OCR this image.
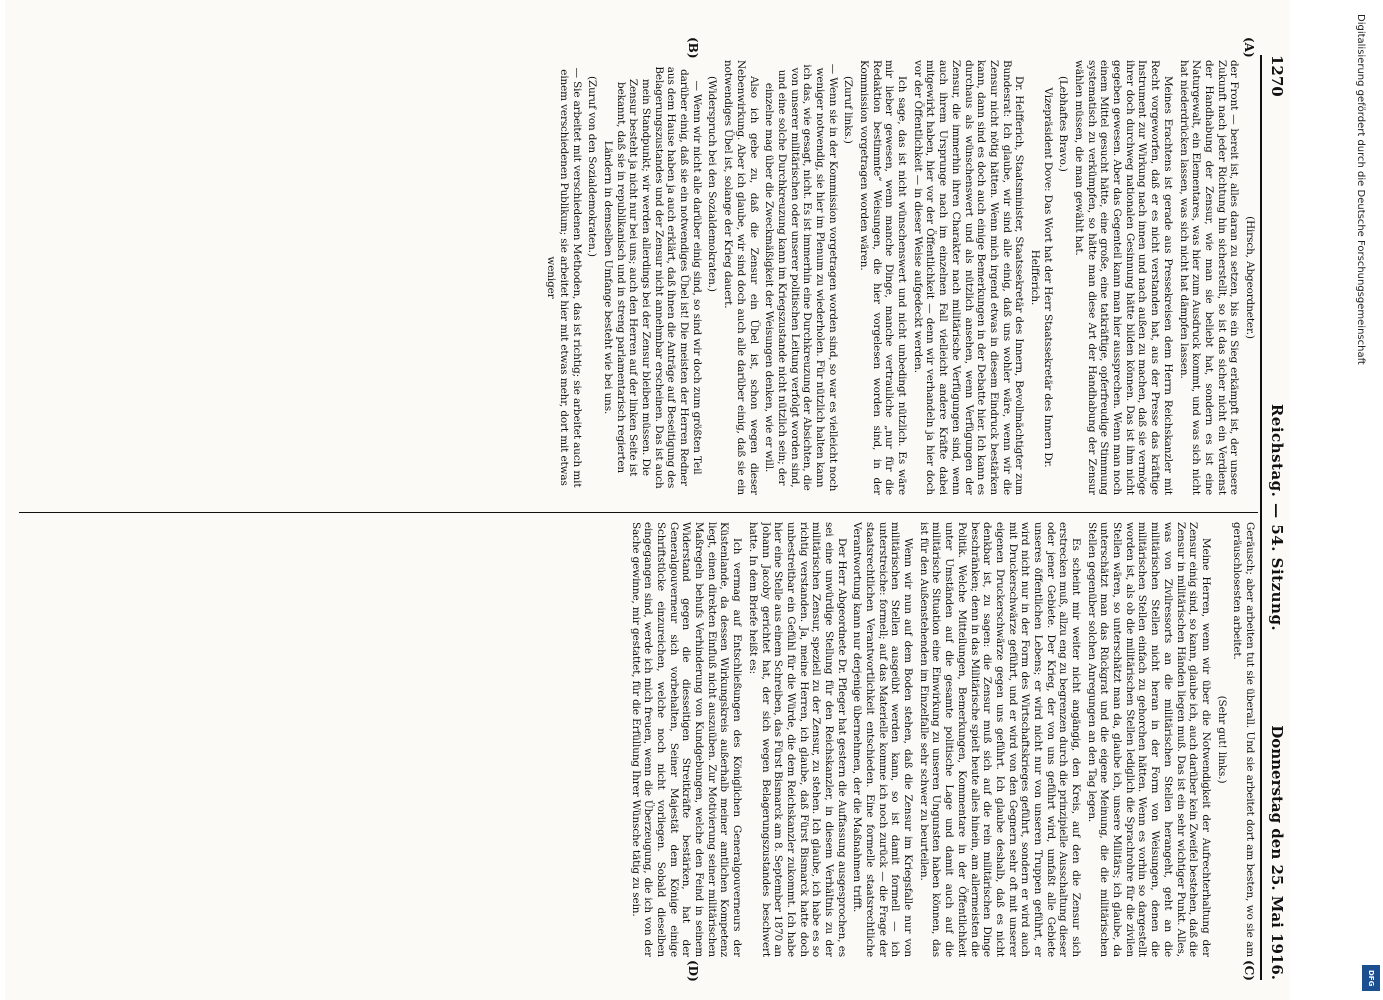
1270
Reichstag. — 54. Sitzung.
Donnerstag den 25. Mai 1916.
(A)
(B)
(C)
(D)

(Hirsch, Abgeordneter.)

der Front — bereit ist, alles daran zu setzen, bis ein Sieg erkämpft ist, der unsere Zukunft nach jeder Richtung hin sicherstellt, so ist das sicher nicht ein Verdienst der Handhabung der Zensur, wie man sie beliebt hat, sondern es ist eine Naturgewalt, ein Elementares, was hier zum Ausdruck kommt, und was sich nicht hat niederdrücken lassen, was sich nicht hat dämpfen lassen.

Meines Erachtens ist gerade aus Pressekreisen dem Herrn Reichskanzler mit Recht vorgeworfen, daß er es nicht verstanden hat, aus der Presse das kräftige Instrument zur Wirkung nach innen und nach außen zu machen, daß sie vermöge ihrer doch durchweg nationalen Gesinnung hätte bilden können. Das ist ihm nicht gegeben gewesen. Aber das Gegenteil kann man hier aussprechen. Wenn man noch einem Mittel gesucht hätte, eine große, eine tatkräftige, opferfreudige Stimmung systematisch zu verkümpfen, so hätte man diese Art der Handhabung der Zensur wählen müssen, die man gewählt hat.

(Lebhaftes Bravo.)

Vizepräsident Dove: Das Wort hat der Herr Staatssekretär des Innern Dr. Helfferich.

Dr. Helfferich, Staatsminister, Staatssekretär des Innern, Bevollmächtigter zum Bundesrat: Ich glaube, wir sind alle einig, daß uns wohler wäre, wenn wir die Zensur nicht nötig hätten. Wenn mich irgend etwas in diesem Eindruck bestärken kann, dann sind es doch auch einige Bemerkungen in der Debatte hier. Ich kann es durchaus als wünschenswert und als nützlich ansehen, wenn Verfügungen der Zensur, die immerhin ihren Charakter nach militärische Verfügungen sind, wenn auch ihrem Ursprunge nach im einzelnen Fall vielleicht andere Kräfte dabei mitgewirkt haben, hier vor der Öffentlichkeit — denn wir verhandeln ja hier doch vor der Öffentlichkeit — in dieser Weise aufgedeckt werden.

Ich sage, das ist nicht wünschenswert und nicht unbedingt nützlich. Es wäre mir lieber gewesen, wenn manche Dinge, manche vertrauliche „nur für die Redaktion bestimmte“ Weisungen, die hier vorgelesen worden sind, in der Kommission vorgetragen worden wären.

(Zuruf links.)

— Wenn sie in der Kommission vorgetragen worden sind, so war es vielleicht noch weniger notwendig, sie hier im Plenum zu wiederholen. Für nützlich halten kann ich das, wie gesagt, nicht. Es ist immerhin eine Durchkreuzung der Absichten, die von unserer militärischen oder unserer politischen Leitung verfolgt worden sind, und eine solche Durchkreuzung kann im Kriegszustande nicht nützlich sein; der einzelne mag über die Zweckmäßigkeit der Weisungen denken, wie er will.

Also ich gebe zu, daß die Zensur ein Übel ist, schon wegen dieser Nebenwirkung. Aber ich glaube, wir sind doch auch alle darüber einig, daß sie ein notwendiges Übel ist, solange der Krieg dauert.

(Widerspruch bei den Sozialdemokraten.)

— Wenn wir nicht alle darüber einig sind, so sind wir doch zum größten Teil darüber einig, daß sie ein notwendiges Übel ist! Die meisten der Herren Redner aus dem Hause haben ja auch erklärt, daß ihnen die Anträge auf Beseitigung des Belagerungszustandes und der Zensur nicht annehmbar erscheinen. Das ist auch mein Standpunkt; wir werden allerdings bei der Zensur bleiben müssen. Die Zensur besteht ja nicht nur bei uns; auch den Herren auf der linken Seite ist bekannt, daß sie in republikanisch und in streng parlamentarisch regierten Ländern in demselben Umfange besteht wie bei uns.

(Zuruf von den Sozialdemokraten.)

— Sie arbeitet mit verschiedenen Methoden, das ist richtig; sie arbeitet auch mit einem verschiedenen Publikum; sie arbeitet hier mit etwas mehr, dort mit etwas weniger

Geräusch; aber arbeiten tut sie überall. Und sie arbeitet dort am besten, wo sie am geräuschlosesten arbeitet.

(Sehr gut! links.)

Meine Herren, wenn wir über die Notwendigkeit der Aufrechterhaltung der Zensur einig sind, so kann, glaube ich, auch darüber kein Zweifel bestehen, daß die Zensur in militärischen Händen liegen muß. Das ist ein sehr wichtiger Punkt. Alles, was von Zivilressorts an die militärischen Stellen herangeht, geht an die militärischen Stellen nicht heran in der Form von Weisungen, denen die militärischen Stellen einfach zu gehorchen hätten. Wenn es vorhin so dargestellt worden ist, als ob die militärischen Stellen lediglich die Sprachrohre für die zivilen Stellen wären, so unterschätzt man da, glaube ich, unsere Militärs; ich glaube, da unterschätzt man das Rückgrat und die eigene Meinung, die die militärischen Stellen gegenüber solchen Anregungen an den Tag legen.

Es scheint mir weiter nicht angängig, den Kreis, auf den die Zensur sich erstrecken muß, allzu eng zu begrenzen durch die prinzipielle Ausschaltung dieser oder jener Gebiete. Der Krieg, der von uns geführt wird, umfaßt alle Gebiete unseres öffentlichen Lebens; er wird nicht nur von unseren Truppen geführt, er wird nicht nur in der Form des Wirtschaftskrieges geführt, sondern er wird auch mit Druckerschwärze geführt, und er wird von den Gegnern sehr oft mit unserer eigenen Druckerschwärze gegen uns geführt. Ich glaube deshalb, daß es nicht denkbar ist, zu sagen: die Zensur muß sich auf die rein militärischen Dinge beschränken; denn in das Militärische spielt heute alles hinein, am allermeisten die Politik. Welche Mitteilungen, Bemerkungen, Kommentare in der Öffentlichkeit unter Umständen auf die gesamte politische Lage und damit auch auf die militärische Situation eine Einwirkung zu unseren Ungunsten haben können, das ist für den Außenstehenden im Einzelfalle sehr schwer zu beurteilen.

Wenn wir nun auf dem Boden stehen, daß die Zensur im Kriegsfalle nur von militärischen Stellen ausgeübt werden kann, so ist damit formell — ich unterstreiche: formell; auf das Materielle komme ich noch zurück — die Frage der staatsrechtlichen Verantwortlichkeit entschieden. Eine formelle staatsrechtliche Verantwortung kann nur derjenige übernehmen, der die Maßnahmen trifft.

Der Herr Abgeordnete Dr. Pfleger hat gestern die Auffassung ausgesprochen, es sei eine unwürdige Stellung für den Reichskanzler, in diesem Verhältnis zu der militärischen Zensur, speziell zu der Zensur, zu stehen. Ich glaube, ich habe es so richtig verstanden. Ja, meine Herren, ich glaube, daß Fürst Bismarck hatte doch unbestreitbar ein Gefühl für die Würde, die dem Reichskanzler zukommt. Ich habe hier eine Stelle aus einem Schreiben, das Fürst Bismarck am 8. September 1870 an Johann Jacoby gerichtet hat, der sich wegen Belagerungszustandes beschwert hatte. In dem Briefe heißt es:

Ich vermag auf Entschließungen des Königlichen Generalgouverneurs der Küstenlande, da dessen Wirkungskreis außerhalb meiner amtlichen Kompetenz liegt, einen direkten Einfluß nicht auszuüben. Zur Motivierung seiner militärischen Maßregeln behufs Verhinderung von Kundgebungen, welche den Feind in seinem Widerstand gegen die diesseitigen Streitkräfte bestärken, hat der Generalgouverneur sich vorbehalten, Seiner Majestät dem Könige einige Schriftstücke einzureichen, welche noch nicht vorliegen. Sobald dieselben eingegangen sind, werde ich mich freuen, wenn die Überzeugung, die ich von der Sache gewinne, mir gestattet, für die Erfüllung Ihrer Wünsche tätig zu sein.

Digitalisierung gefördert durch die Deutsche Forschungsgemeinschaft
DFG
